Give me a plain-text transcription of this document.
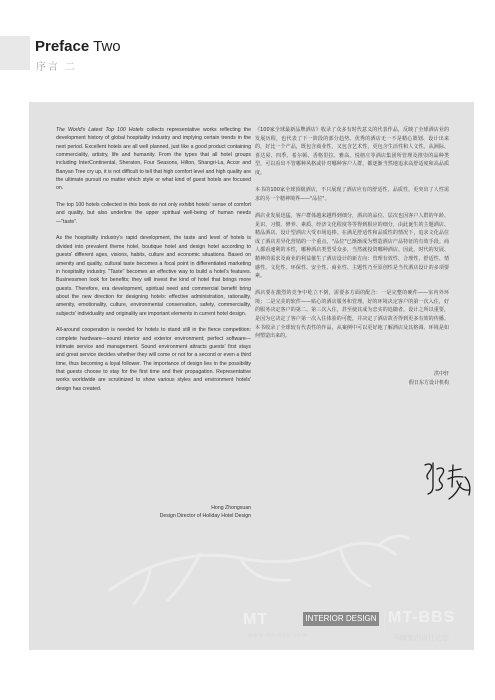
Preface Two
序言 二

The World's Latest Top 100 Hotels collects representative works reflecting the development history of global hospitality industry and implying certain trends in the next period. Excellent hotels are all well planned, just like a good product containing commerciality, artistry, life and humanity. From the types that all hotel groups including InterContinental, Sheraton, Four Seasons, Hilton, Shangri-La, Accor and Banyan Tree cry up, it is not difficult to tell that high comfort level and high quality are the ultimate pursuit no matter which style or what kind of guest hotels are focused on.

The top 100 hotels collected in this book do not only exhibit hotels' sense of comfort and quality, but also underline the upper spiritual well-being of human needs—"taste".

As the hospitality industry's rapid development, the taste and level of hotels is divided into prevalent theme hotel, boutique hotel and design hotel according to guests' different ages, visions, habits, culture and economic situations. Based on amenity and quality, cultural taste becomes a focal point in differentiated marketing in hospitality industry. "Taste" becomes an effective way to build a hotel's features. Businessmen look for benefits; they will invest the kind of hotel that brings more guests. Therefore, era development, spiritual need and commercial benefit bring about the new direction for designing hotels: effective administration, rationality, amenity, emotionality, culture, environmental conservation, safety, commerciality, subjects' individuality and originality are important elements in current hotel design.

All-around cooperation is needed for hotels to stand still in the fierce competition: complete hardware—sound interior and exterior environment; perfect software—intimate service and management. Sound environment attracts guests' first stays and great service decides whether they will come or not for a second or even a third time, thus becoming a loyal follower. The importance of design lies in the possibility that guests choose to stay for the first time and their propagation. Representative works worldwide are scrutinized to show various styles and environment hotels' design has created.

Hong Zhongxuan
Design Director of Holiday Hotel Design

《100家全球最新品牌酒店》收录了众多有时代意义的代表作品，反映了全球酒店业的发展历程，也代表了下一阶段的部分趋势。优秀的酒店无一不是精心策划、设计出来的，好比一个产品，既包含商业性，又包含艺术性，更包含生活性和人文性。从洲际、喜达屋、四季、希尔顿、香格里拉、雅高、悦榕庄等酒店集团所管理及推崇的品种类型，可以看出不管哪种风格或针对哪种客户人群，都逐渐当然地追求高舒适度和高品质度。

本书的100家全球顶级酒店，不只展现了酒店应有的舒适性、品质性，更突出了人性需求的另一个精神境界——"品位"。

酒店业发展迅猛，客户群体越来越得到细分，酒店的品位、层次也因客户人群的年龄、见识、习惯、修养、素质、经济文化程度等等得到相应的细分，由此诞生的主题酒店、精品酒店、设计型酒店大受市场追捧。在满足舒适性和品质性的情况下，追求文化品位成了酒店差异化营销的一个重点，"品位"已渐渐成为塑造酒店产品特征的有效手段。商人都看速利的本性，哪种酒店类型受众多，当然就投资哪种酒店。因此，时代的发展、精神的需求及商业的利益催生了酒店设计的新方向：管理有效性、合理性、舒适性、情感性、文化性、环保性、安全性、商业性、主题性乃至原创性是当代酒店设计的多项要素。

酒店要在激烈的竞争中屹立不倒，需要多方面的配合：一是完整的硬件——室内外环境；二是完美的软件——贴心的酒店服务和管理。好的环境决定客户的第一次入住，好的服务决定客户的第二、第三次入住，甚至使其成为忠实的追随者。设计之所以重要，是因为它决定了客户第一次入住体验的可能，并决定了酒店故否得到更多有效的传播。本书收录了全球较有代表性的作品，从案例中可以更好地了解酒店及其格调、环境是如何塑造出来的。

洪中轩
假日东方设计机构
MT	INTERIOR DESIGN MT-BBS
www.mt-bbs.com	马蹄室内设计论坛
